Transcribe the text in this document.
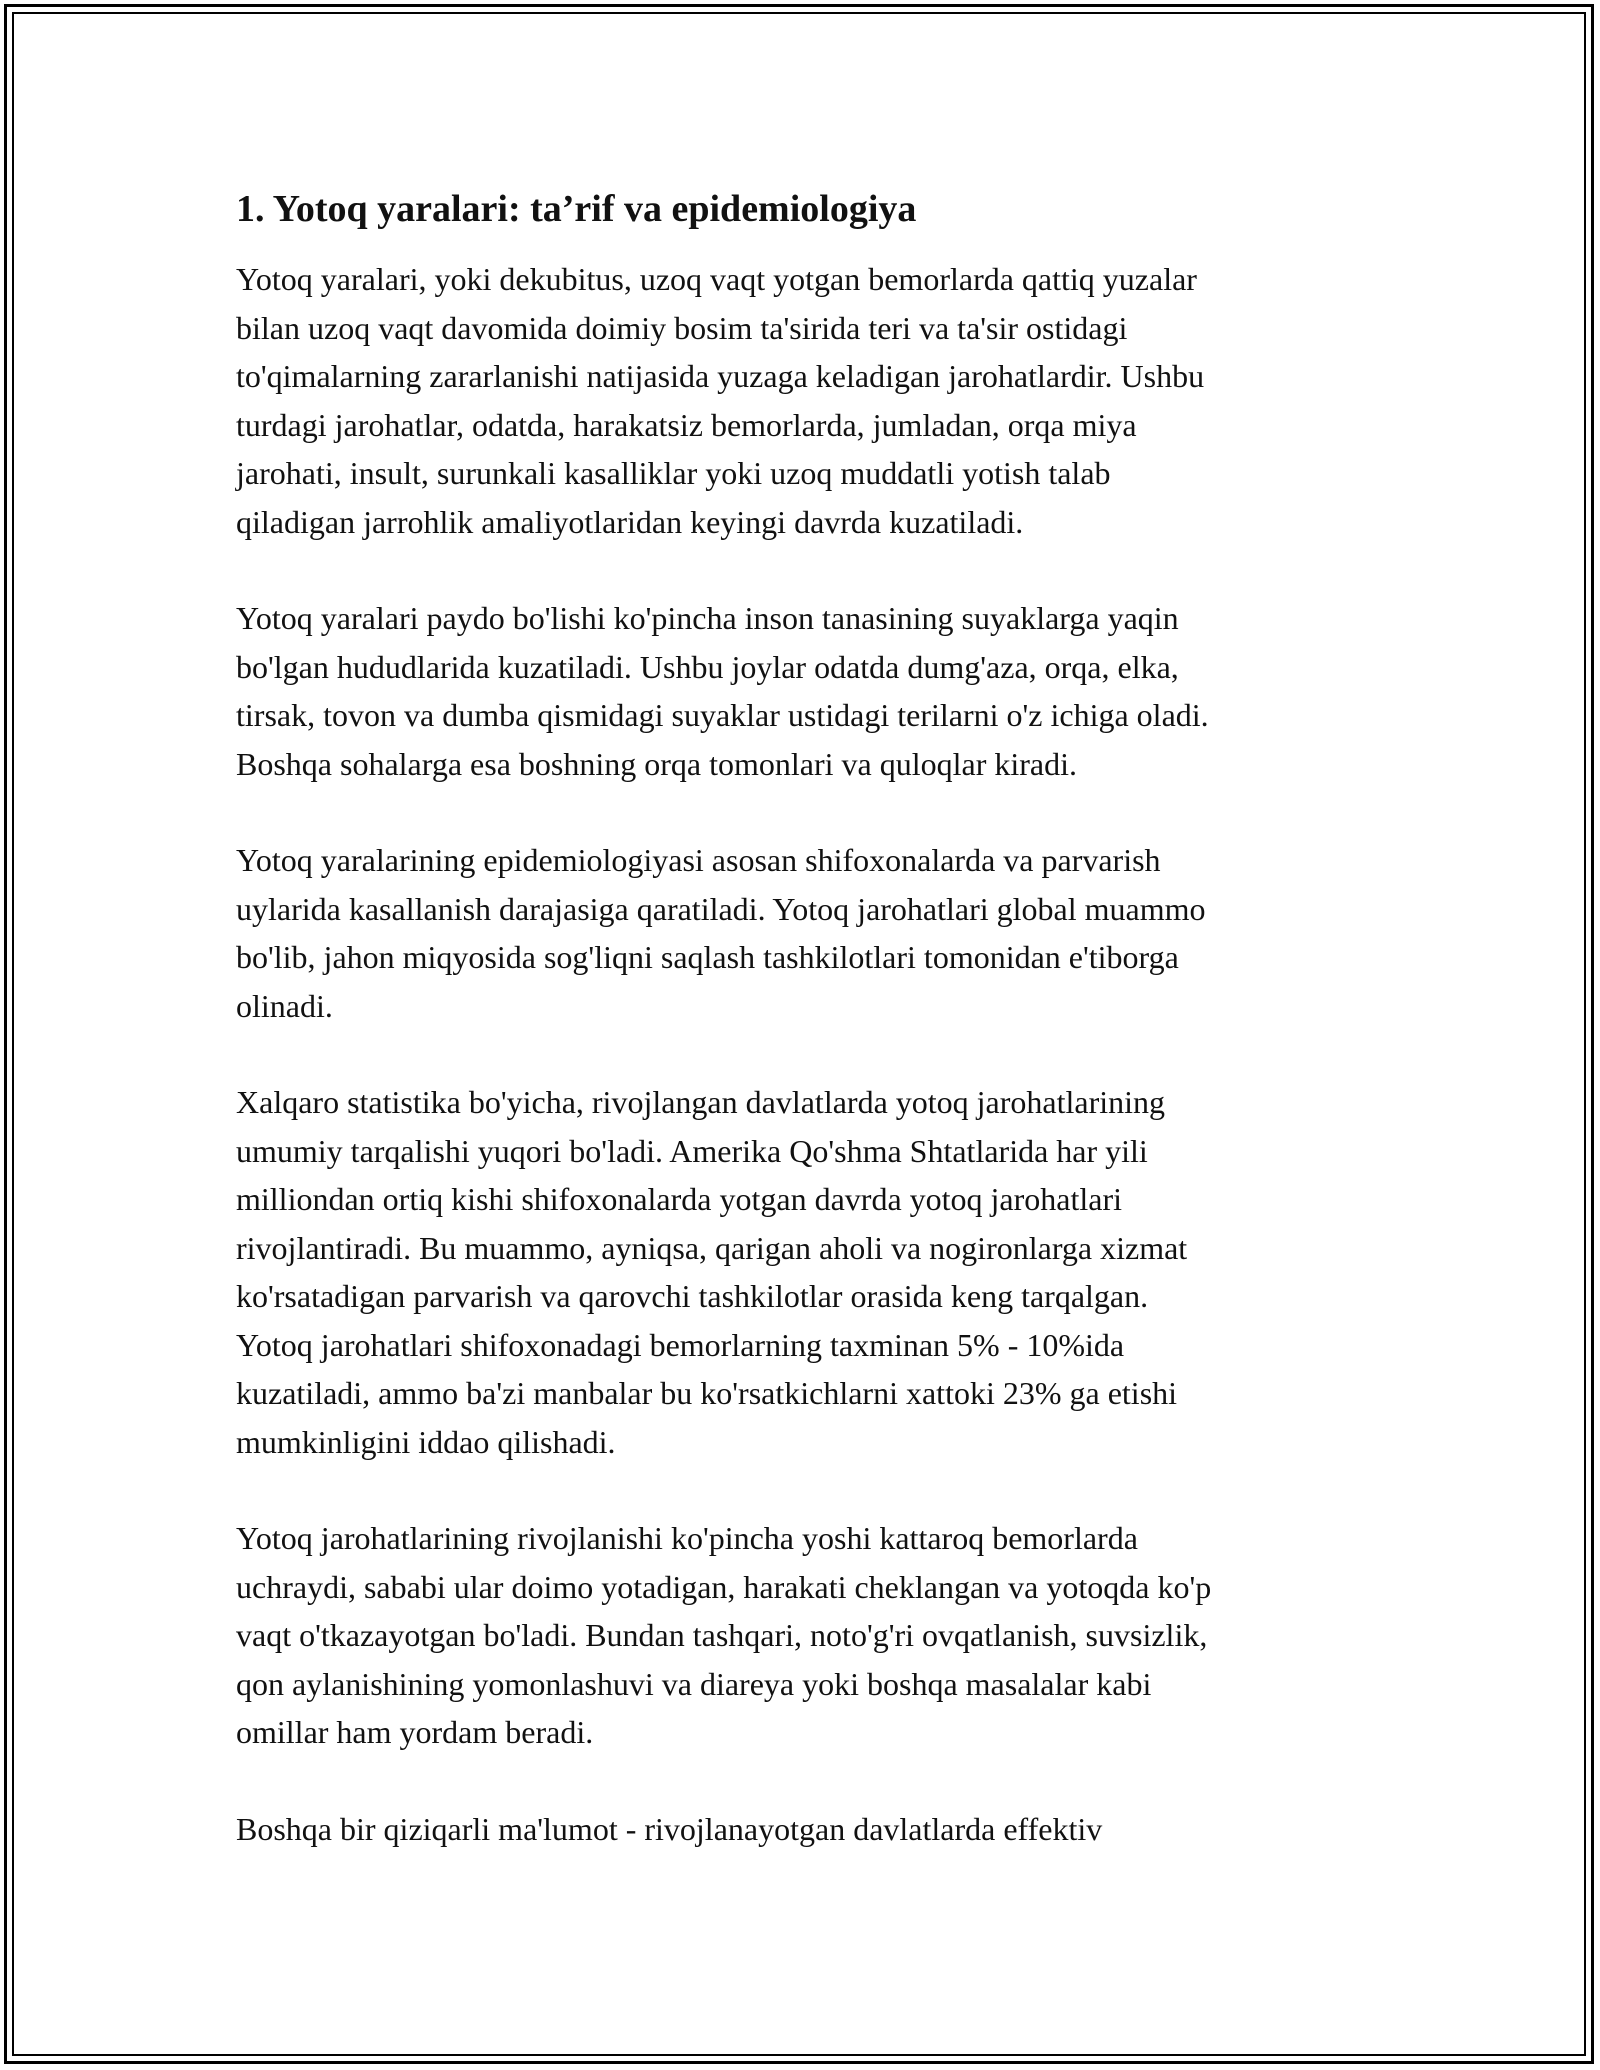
1. Yotoq yaralari: ta’rif va epidemiologiya

Yotoq yaralari, yoki dekubitus, uzoq vaqt yotgan bemorlarda qattiq yuzalar
bilan uzoq vaqt davomida doimiy bosim ta'sirida teri va ta'sir ostidagi
to'qimalarning zararlanishi natijasida yuzaga keladigan jarohatlardir. Ushbu
turdagi jarohatlar, odatda, harakatsiz bemorlarda, jumladan, orqa miya
jarohati, insult, surunkali kasalliklar yoki uzoq muddatli yotish talab
qiladigan jarrohlik amaliyotlaridan keyingi davrda kuzatiladi.

Yotoq yaralari paydo bo'lishi ko'pincha inson tanasining suyaklarga yaqin
bo'lgan hududlarida kuzatiladi. Ushbu joylar odatda dumg'aza, orqa, elka,
tirsak, tovon va dumba qismidagi suyaklar ustidagi terilarni o'z ichiga oladi.
Boshqa sohalarga esa boshning orqa tomonlari va quloqlar kiradi.

Yotoq yaralarining epidemiologiyasi asosan shifoxonalarda va parvarish
uylarida kasallanish darajasiga qaratiladi. Yotoq jarohatlari global muammo
bo'lib, jahon miqyosida sog'liqni saqlash tashkilotlari tomonidan e'tiborga
olinadi.

Xalqaro statistika bo'yicha, rivojlangan davlatlarda yotoq jarohatlarining
umumiy tarqalishi yuqori bo'ladi. Amerika Qo'shma Shtatlarida har yili
milliondan ortiq kishi shifoxonalarda yotgan davrda yotoq jarohatlari
rivojlantiradi. Bu muammo, ayniqsa, qarigan aholi va nogironlarga xizmat
ko'rsatadigan parvarish va qarovchi tashkilotlar orasida keng tarqalgan.
Yotoq jarohatlari shifoxonadagi bemorlarning taxminan 5% - 10%ida
kuzatiladi, ammo ba'zi manbalar bu ko'rsatkichlarni xattoki 23% ga etishi
mumkinligini iddao qilishadi.

Yotoq jarohatlarining rivojlanishi ko'pincha yoshi kattaroq bemorlarda
uchraydi, sababi ular doimo yotadigan, harakati cheklangan va yotoqda ko'p
vaqt o'tkazayotgan bo'ladi. Bundan tashqari, noto'g'ri ovqatlanish, suvsizlik,
qon aylanishining yomonlashuvi va diareya yoki boshqa masalalar kabi
omillar ham yordam beradi.

Boshqa bir qiziqarli ma'lumot - rivojlanayotgan davlatlarda effektiv
